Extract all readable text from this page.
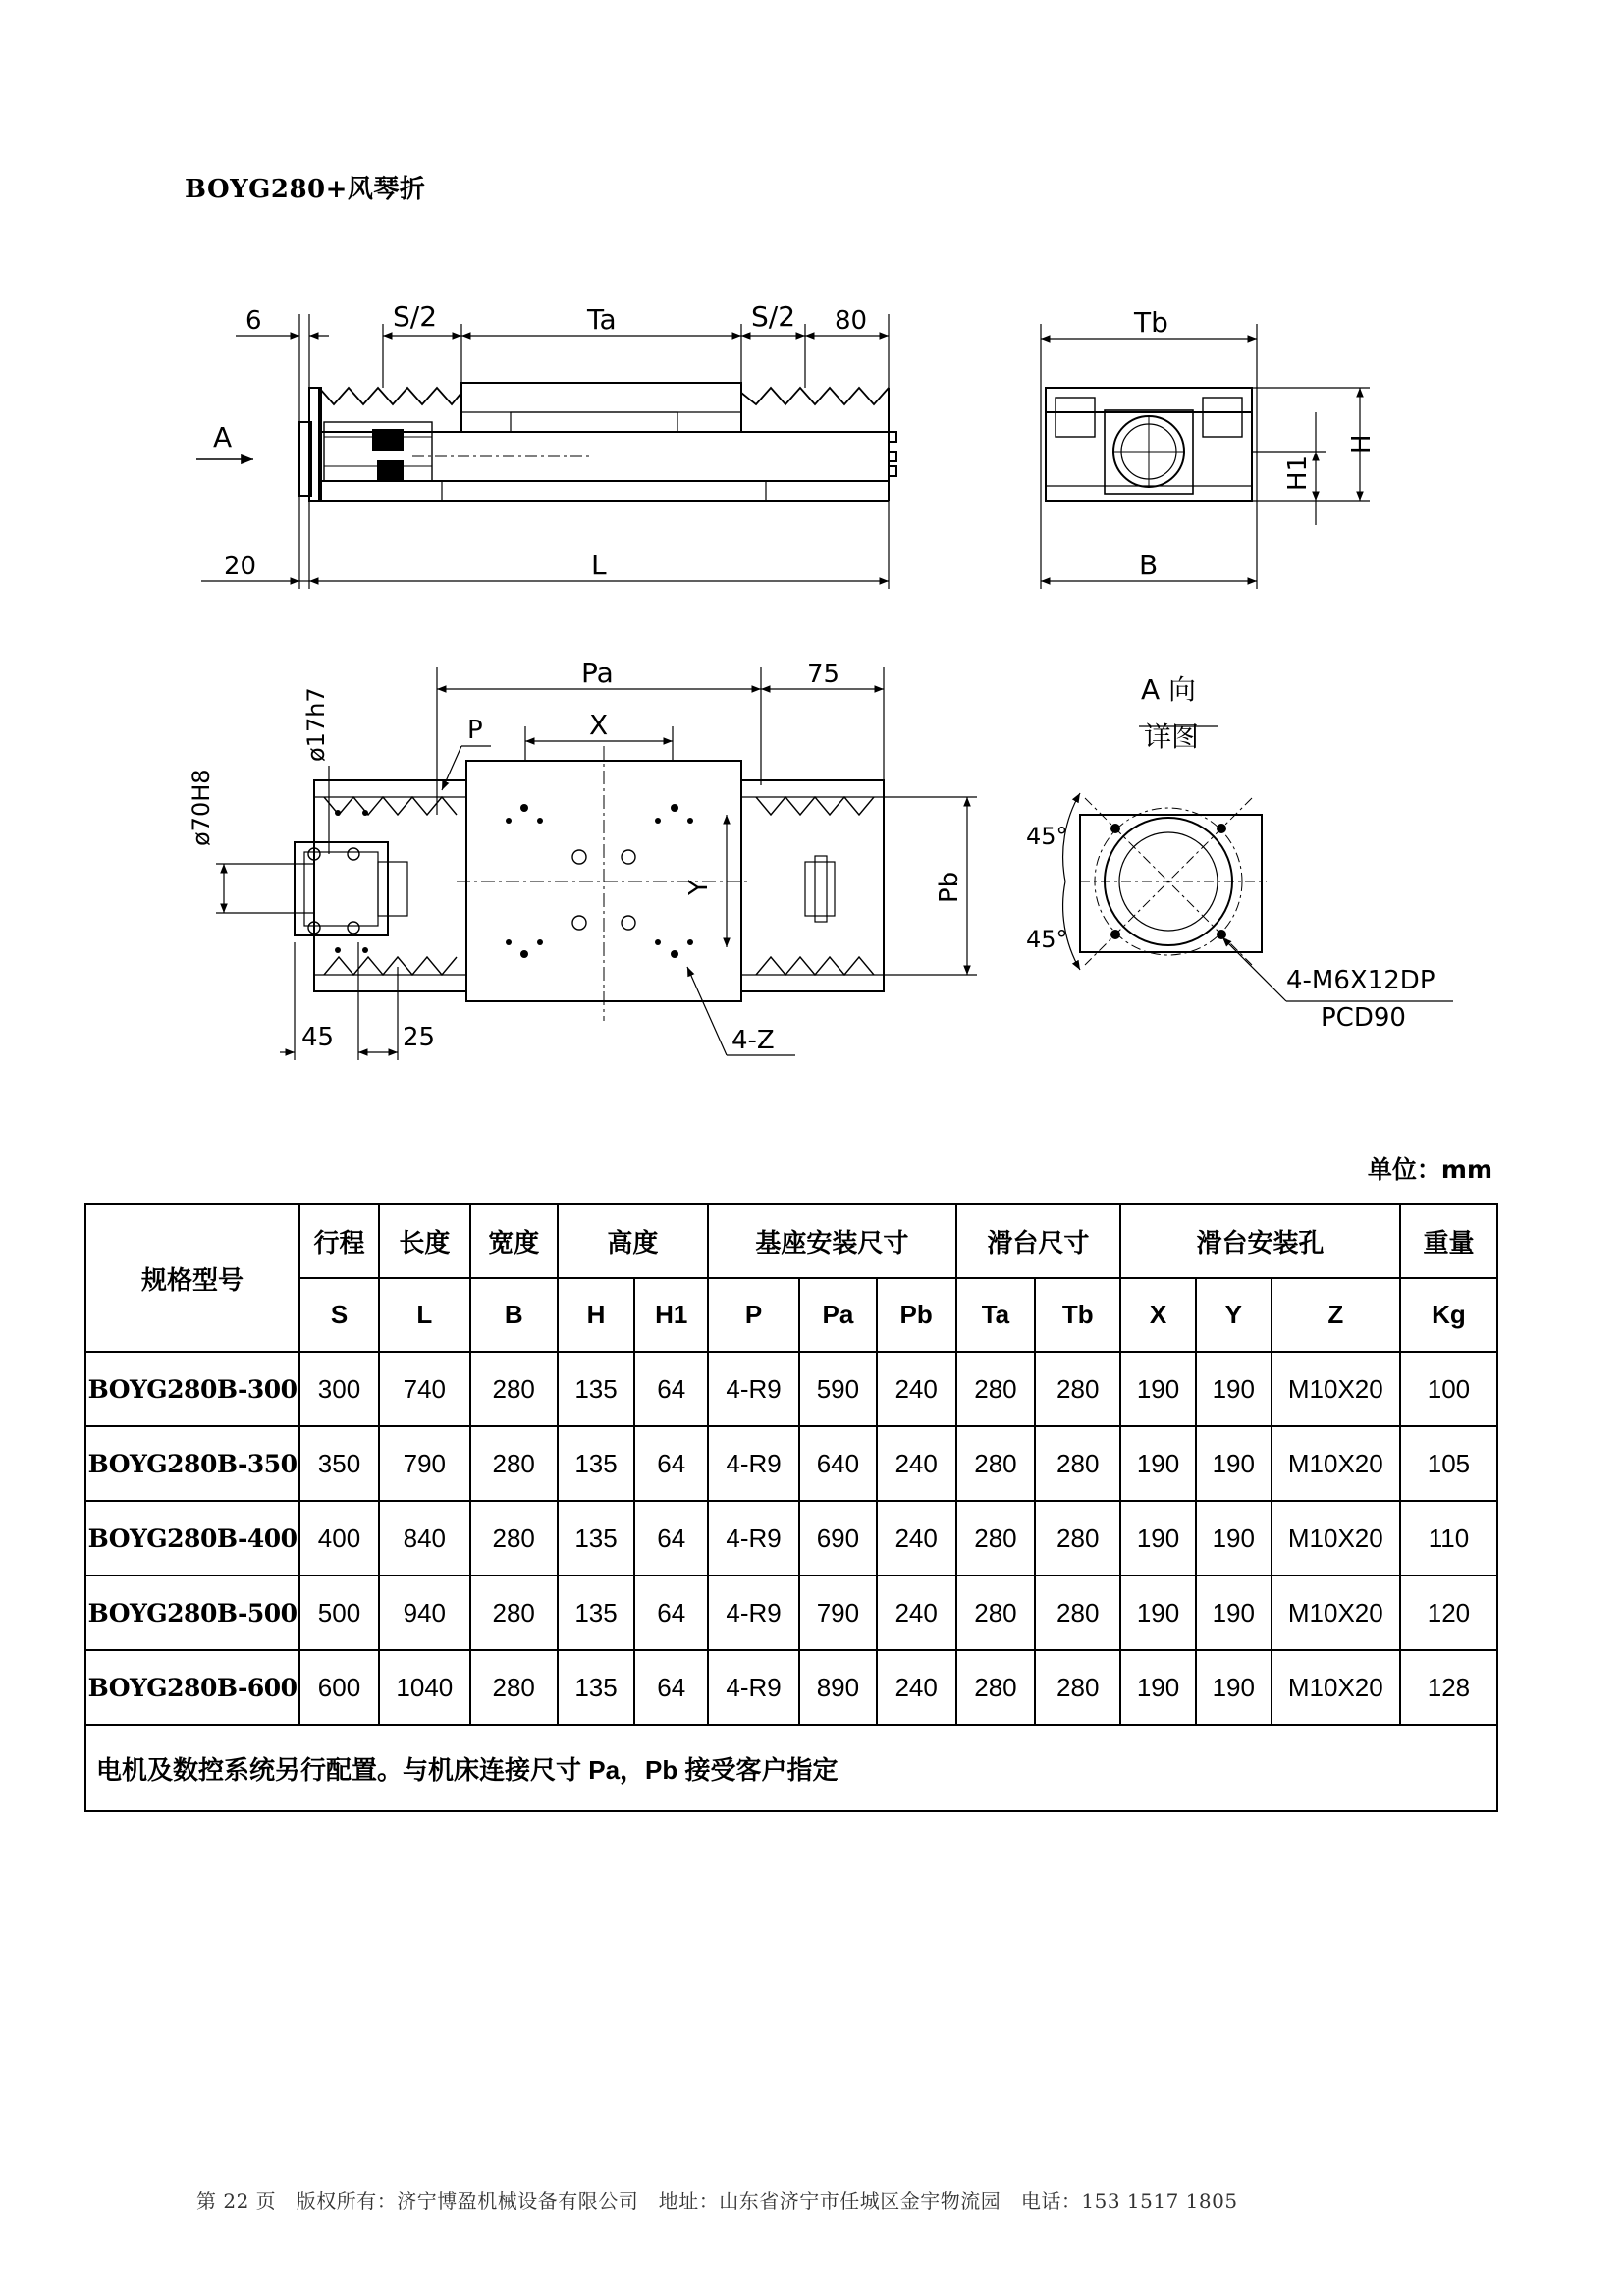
BOYG280+风琴折
6	S/2	Ta	S/2 80
A
20	L
Tb
H
H1
B
Pa	75
ø17h7
ø70H8
P	X
Y	Pb
45	25	4-Z
A 向
详图
45°
45°
4-M6X12DP
PCD90
单位：mm
规格型号	行程	长度	宽度	高度		基座安装尺寸			滑台尺寸		滑台安装孔			重量
	S	L	B	H	H1	P	Pa	Pb	Ta	Tb	X	Y	Z	Kg
BOYG280B-300	300	740	280	135	64	4-R9	590	240	280	280	190	190	M10X20	100
BOYG280B-350	350	790	280	135	64	4-R9	640	240	280	280	190	190	M10X20	105
BOYG280B-400	400	840	280	135	64	4-R9	690	240	280	280	190	190	M10X20	110
BOYG280B-500	500	940	280	135	64	4-R9	790	240	280	280	190	190	M10X20	120
BOYG280B-600	600	1040	280	135	64	4-R9	890	240	280	280	190	190	M10X20	128
电机及数控系统另行配置。与机床连接尺寸 Pa，Pb 接受客户指定														
第 22 页   版权所有：济宁博盈机械设备有限公司   地址：山东省济宁市任城区金宇物流园   电话：153 1517 1805
